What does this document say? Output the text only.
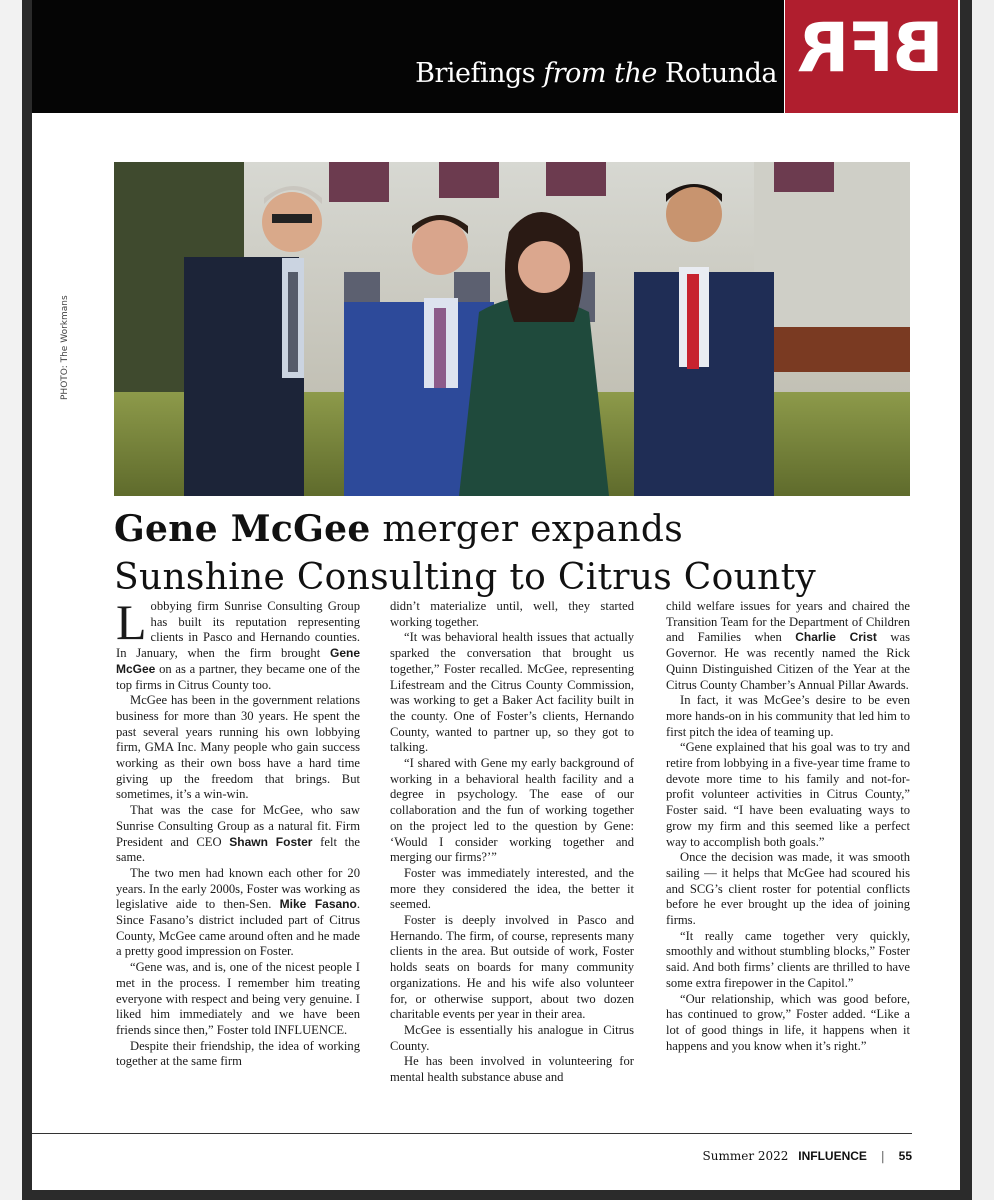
Briefings from the Rotunda BFR
PHOTO: The Workmans
Gene McGee merger expands
Sunshine Consulting to Citrus County
L obbying firm Sunrise Consulting Group has built its reputation representing clients in Pasco and Hernando counties. In January, when the firm brought Gene McGee on as a partner, they became one of the top firms in Citrus County too.

McGee has been in the government relations business for more than 30 years. He spent the past several years running his own lobbying firm, GMA Inc. Many people who gain success working as their own boss have a hard time giving up the freedom that brings. But sometimes, it’s a win-win.

That was the case for McGee, who saw Sunrise Consulting Group as a natural fit. Firm President and CEO Shawn Foster felt the same.

The two men had known each other for 20 years. In the early 2000s, Foster was working as legislative aide to then-Sen. Mike Fasano. Since Fasano’s district included part of Citrus County, McGee came around often and he made a pretty good impression on Foster.

“Gene was, and is, one of the nicest people I met in the process. I remember him treating everyone with respect and being very genuine. I liked him immediately and we have been friends since then,” Foster told INFLUENCE.

Despite their friendship, the idea of working together at the same firm

didn’t materialize until, well, they started working together.

“It was behavioral health issues that actually sparked the conversation that brought us together,” Foster recalled. McGee, representing Lifestream and the Citrus County Commission, was working to get a Baker Act facility built in the county. One of Foster’s clients, Hernando County, wanted to partner up, so they got to talking.

“I shared with Gene my early background of working in a behavioral health facility and a degree in psychology. The ease of our collaboration and the fun of working together on the project led to the question by Gene: ‘Would I consider working together and merging our firms?’”

Foster was immediately interested, and the more they considered the idea, the better it seemed.

Foster is deeply involved in Pasco and Hernando. The firm, of course, represents many clients in the area. But outside of work, Foster holds seats on boards for many community organizations. He and his wife also volunteer for, or otherwise support, about two dozen charitable events per year in their area.

McGee is essentially his analogue in Citrus County.

He has been involved in volunteering for mental health substance abuse and

child welfare issues for years and chaired the Transition Team for the Department of Children and Families when Charlie Crist was Governor. He was recently named the Rick Quinn Distinguished Citizen of the Year at the Citrus County Chamber’s Annual Pillar Awards.

In fact, it was McGee’s desire to be even more hands-on in his community that led him to first pitch the idea of teaming up.

“Gene explained that his goal was to try and retire from lobbying in a five-year time frame to devote more time to his family and not-for-profit volunteer activities in Citrus County,” Foster said. “I have been evaluating ways to grow my firm and this seemed like a perfect way to accomplish both goals.”

Once the decision was made, it was smooth sailing — it helps that McGee had scoured his and SCG’s client roster for potential conflicts before he ever brought up the idea of joining firms.

“It really came together very quickly, smoothly and without stumbling blocks,” Foster said. And both firms’ clients are thrilled to have some extra firepower in the Capitol.”

“Our relationship, which was good before, has continued to grow,” Foster added. “Like a lot of good things in life, it happens when it happens and you know when it’s right.”

Summer 2022 INFLUENCE | 55
